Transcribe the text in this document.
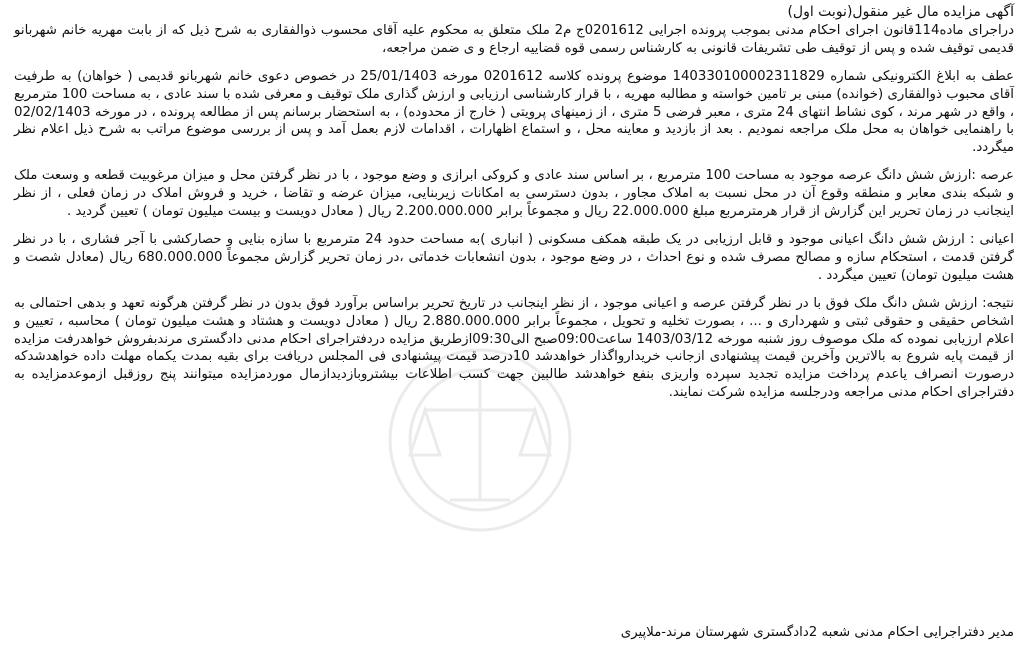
آگهی مزایده مال غیر منقول(نوبت اول)

دراجرای ماده114قانون اجرای احکام مدنی بموجب پرونده اجرایی 0201612ج م2 ملک متعلق به محکوم علیه آقای محسوب ذوالفقاری به شرح ذیل که از بابت مهریه خانم شهربانو قدیمی توقیف شده و پس از توقیف طی تشریفات قانونی به کارشناس رسمی قوه قضاییه ارجاع و ی ضمن مراجعه،

عطف به ابلاغ الکترونیکی شماره 140330100002311829 موضوع پرونده کلاسه 0201612 مورخه 25/01/1403 در خصوص دعوی خانم شهربانو قدیمی ( خواهان) به طرفیت آقای محبوب ذوالفقاری (خوانده) مبنی بر تامین خواسته و مطالبه مهریه ، با قرار کارشناسی ارزیابی و ارزش گذاری ملک توقیف و معرفی شده با سند عادی ، به مساحت 100 مترمربع ، واقع در شهر مرند ، کوی نشاط انتهای 24 متری ، معبر فرضی 5 متری ، از زمینهای پرویتی ( خارج از محدوده) ، به استحضار برسانم پس از مطالعه پرونده ، در مورخه 02/02/1403 با راهنمایی خواهان به محل ملک مراجعه نمودیم . بعد از بازدید و معاینه محل ، و استماع اظهارات ، اقدامات لازم بعمل آمد و پس از بررسی موضوع مراتب به شرح ذیل اعلام نظر میگردد.

عرصه :ارزش شش دانگ عرصه موجود به مساحت 100 مترمربع ، بر اساس سند عادی و کروکی ابرازی و وضع موجود ، با در نظر گرفتن محل و میزان مرغوبیت قطعه و وسعت ملک و شبکه بندی معابر و منطقه وقوع آن در محل نسبت به املاک مجاور ، بدون دسترسی به امکانات زیربنایی، میزان عرضه و تقاضا ، خرید و فروش املاک در زمان فعلی ، از نظر اینجانب در زمان تحریر این گزارش از قرار هرمترمربع مبلغ 22.000.000 ریال و مجموعاً برابر 2.200.000.000 ریال ( معادل دویست و بیست میلیون تومان ) تعیین گردید .

اعیانی : ارزش شش دانگ اعیانی موجود و قابل ارزیابی در یک طبقه همکف مسکونی ( انباری )به مساحت حدود 24 مترمربع با سازه بنایی و حصارکشی با آجر فشاری ، با در نظر گرفتن قدمت ، استحکام سازه و مصالح مصرف شده و نوع احداث ، در وضع موجود ، بدون انشعابات خدماتی ،در زمان تحریر گزارش مجموعاً 680.000.000 ریال (معادل شصت و هشت میلیون تومان) تعیین میگردد .

نتیجه: ارزش شش دانگ ملک فوق با در نظر گرفتن عرصه و اعیانی موجود ، از نظر اینجانب در تاریخ تحریر براساس برآورد فوق بدون در نظر گرفتن هرگونه تعهد و بدهی احتمالی به اشخاص حقیقی و حقوقی ثبتی و شهرداری و ... ، بصورت تخلیه و تحویل ، مجموعاً برابر 2.880.000.000 ریال ( معادل دویست و هشتاد و هشت میلیون تومان ) محاسبه ، تعیین و اعلام ارزیابی نموده که ملک موصوف روز شنبه مورخه 1403/03/12 ساعت09:00صبح الی09:30ازطریق مزایده دردفتراجرای احکام مدنی دادگستری مرندبفروش خواهدرفت مزایده از قیمت پایه شروع به بالاترین وآخرین قیمت پیشنهادی ازجانب خریداروا‌گذار خواهدشد 10درصد قیمت پیشنهادی فی المجلس دریافت برای بقیه بمدت یکماه مهلت داده خواهدشدکه درصورت انصراف یاعدم پرداخت مزایده تجدید سپرده واریزی بنفع خواهدشد طالبین جهت کسب اطلاعات بیشتروبازدیدازمال موردمزایده میتوانند پنج روزقبل ازموعدمزایده به دفتراجرای احکام مدنی مراجعه ودرجلسه مزایده شرکت نمایند.

مدیر دفتراجرایی احکام مدنی شعبه 2دادگستری شهرستان مرند-ملاپیری
